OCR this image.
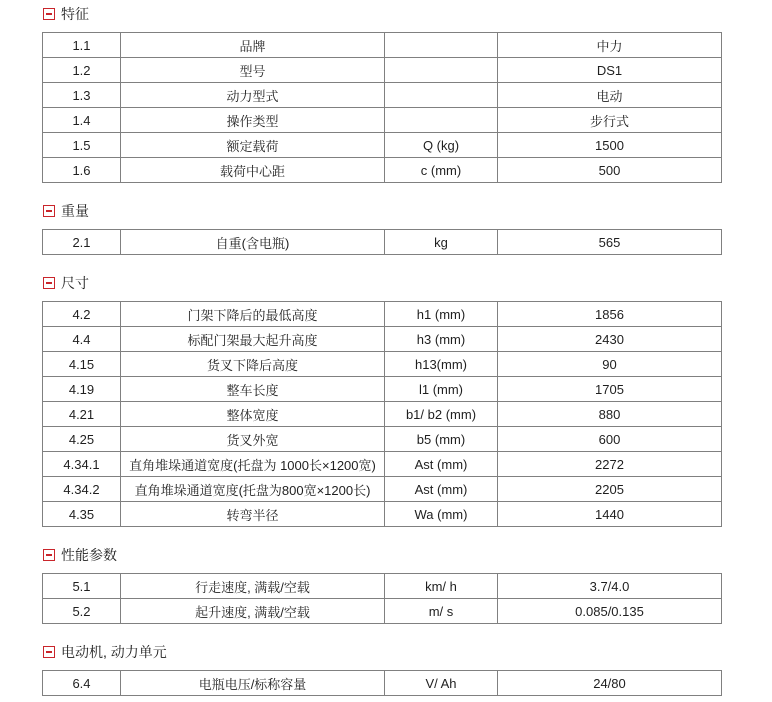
特征
1.1	品牌		中力
1.2	型号		DS1
1.3	动力型式		电动
1.4	操作类型		步行式
1.5	额定载荷	Q (kg)	1500
1.6	载荷中心距	c (mm)	500
重量
2.1	自重(含电瓶)	kg	565
尺寸
4.2	门架下降后的最低高度	h1 (mm)	1856
4.4	标配门架最大起升高度	h3 (mm)	2430
4.15	货叉下降后高度	h13(mm)	90
4.19	整车长度	l1 (mm)	1705
4.21	整体宽度	b1/ b2 (mm)	880
4.25	货叉外宽	b5 (mm)	600
4.34.1	直角堆垛通道宽度(托盘为 1000长×1200宽)	Ast (mm)	2272
4.34.2	直角堆垛通道宽度(托盘为800宽×1200长)	Ast (mm)	2205
4.35	转弯半径	Wa (mm)	1440
性能参数
5.1	行走速度, 满载/空载	km/ h	3.7/4.0
5.2	起升速度, 满载/空载	m/ s	0.085/0.135
电动机, 动力单元
6.4	电瓶电压/标称容量	V/ Ah	24/80
